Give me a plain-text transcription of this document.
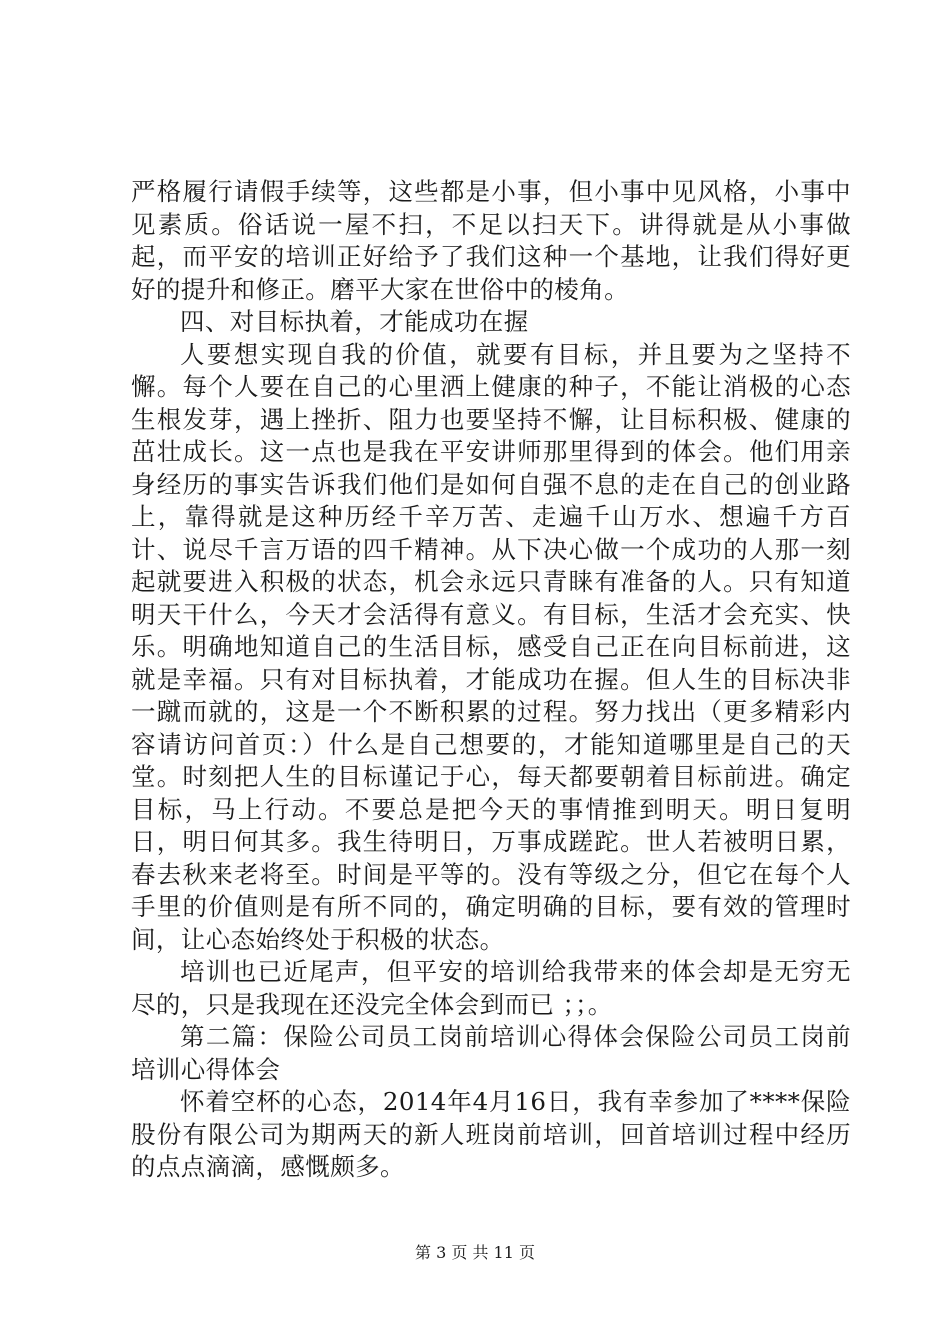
严格履行请假手续等，这些都是小事，但小事中见风格，小事中见素质。俗话说一屋不扫，不足以扫天下。讲得就是从小事做起，而平安的培训正好给予了我们这种一个基地，让我们得好更好的提升和修正。磨平大家在世俗中的棱角。

四、对目标执着，才能成功在握

人要想实现自我的价值，就要有目标，并且要为之坚持不懈。每个人要在自己的心里洒上健康的种子，不能让消极的心态生根发芽，遇上挫折、阻力也要坚持不懈，让目标积极、健康的茁壮成长。这一点也是我在平安讲师那里得到的体会。他们用亲身经历的事实告诉我们他们是如何自强不息的走在自己的创业路上，靠得就是这种历经千辛万苦、走遍千山万水、想遍千方百计、说尽千言万语的四千精神。从下决心做一个成功的人那一刻起就要进入积极的状态，机会永远只青睐有准备的人。只有知道明天干什么，今天才会活得有意义。有目标，生活才会充实、快乐。明确地知道自己的生活目标，感受自己正在向目标前进，这就是幸福。只有对目标执着，才能成功在握。但人生的目标决非一蹴而就的，这是一个不断积累的过程。努力找出（更多精彩内容请访问首页：）什么是自己想要的，才能知道哪里是自己的天堂。时刻把人生的目标谨记于心，每天都要朝着目标前进。确定目标，马上行动。不要总是把今天的事情推到明天。明日复明日，明日何其多。我生待明日，万事成蹉跎。世人若被明日累，春去秋来老将至。时间是平等的。没有等级之分，但它在每个人手里的价值则是有所不同的，确定明确的目标，要有效的管理时间，让心态始终处于积极的状态。

培训也已近尾声，但平安的培训给我带来的体会却是无穷无尽的，只是我现在还没完全体会到而已 ；；。

第二篇：保险公司员工岗前培训心得体会保险公司员工岗前培训心得体会

怀着空杯的心态，2014年4月16日，我有幸参加了****保险股份有限公司为期两天的新人班岗前培训，回首培训过程中经历的点点滴滴，感慨颇多。

第 3 页 共 11 页
